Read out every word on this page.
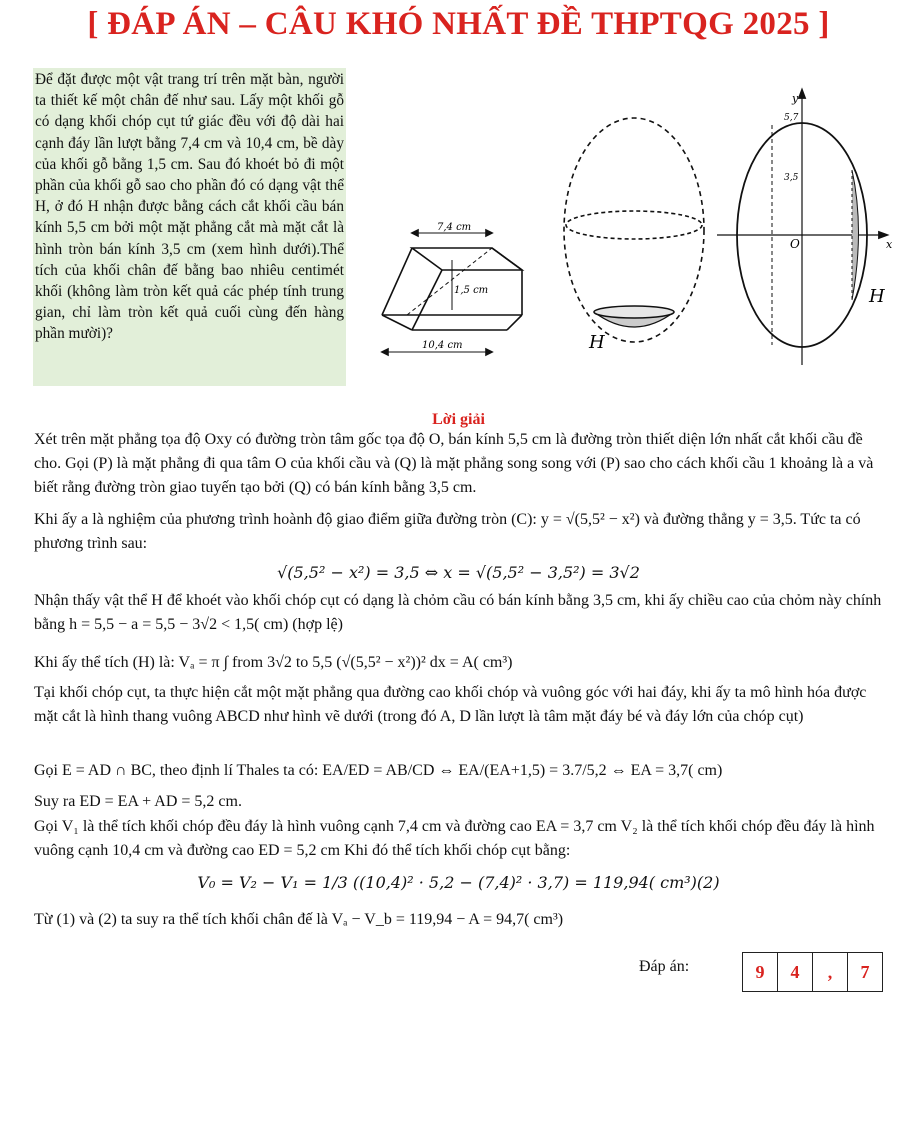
[ ĐÁP ÁN – CÂU KHÓ NHẤT ĐỀ THPTQG 2025 ]
Để đặt được một vật trang trí trên mặt bàn, người ta thiết kế một chân đế như sau. Lấy một khối gỗ có dạng khối chóp cụt tứ giác đều với độ dài hai cạnh đáy lần lượt bằng 7,4 cm và 10,4 cm, bề dày của khối gỗ bằng 1,5 cm. Sau đó khoét bỏ đi một phần của khối gỗ sao cho phần đó có dạng vật thể H, ở đó H nhận được bằng cách cắt khối cầu bán kính 5,5 cm bởi một mặt phẳng cắt mà mặt cắt là hình tròn bán kính 3,5 cm (xem hình dưới).Thể tích của khối chân đế bằng bao nhiêu centimét khối (không làm tròn kết quả các phép tính trung gian, chỉ làm tròn kết quả cuối cùng đến hàng phần mười)?
7,4 cm
10,4 cm
1,5 cm
H
y
x
5,7
3,5
O
H
Lời giải
Xét trên mặt phẳng tọa độ Oxy có đường tròn tâm gốc tọa độ O, bán kính 5,5 cm là đường tròn thiết diện lớn nhất cắt khối cầu đề cho. Gọi (P) là mặt phẳng đi qua tâm O của khối cầu và (Q) là mặt phẳng song song với (P) sao cho cách khối cầu 1 khoảng là a và biết rằng đường tròn giao tuyến tạo bởi (Q) có bán kính bằng 3,5 cm.
Khi ấy a là nghiệm của phương trình hoành độ giao điểm giữa đường tròn (C): y = √(5,5² − x²) và đường thẳng y = 3,5. Tức ta có phương trình sau:
√(5,5² − x²) = 3,5 ⇔ x = √(5,5² − 3,5²) = 3√2
Nhận thấy vật thể H để khoét vào khối chóp cụt có dạng là chỏm cầu có bán kính bằng 3,5 cm, khi ấy chiều cao của chỏm này chính bằng h = 5,5 − a = 5,5 − 3√2 < 1,5( cm) (hợp lệ)
Khi ấy thể tích (H) là: Vₐ = π ∫ from 3√2 to 5,5 (√(5,5² − x²))² dx = A( cm³)
Tại khối chóp cụt, ta thực hiện cắt một mặt phẳng qua đường cao khối chóp và vuông góc với hai đáy, khi ấy ta mô hình hóa được mặt cắt là hình thang vuông ABCD như hình vẽ dưới (trong đó A, D lần lượt là tâm mặt đáy bé và đáy lớn của chóp cụt)
Gọi E = AD ∩ BC, theo định lí Thales ta có: EA/ED = AB/CD ⇔ EA/(EA+1,5) = 3.7/5,2 ⇔ EA = 3,7( cm)
Suy ra ED = EA + AD = 5,2 cm.
Gọi V₁ là thể tích khối chóp đều đáy là hình vuông cạnh 7,4 cm và đường cao EA = 3,7 cm V₂ là thể tích khối chóp đều đáy là hình vuông cạnh 10,4 cm và đường cao ED = 5,2 cm Khi đó thể tích khối chóp cụt bằng:
V₀ = V₂ − V₁ = 1/3 ((10,4)² · 5,2 − (7,4)² · 3,7) = 119,94( cm³)(2)
Từ (1) và (2) ta suy ra thể tích khối chân đế là Vₐ − V_b = 119,94 − A = 94,7( cm³)
Đáp án:	9	4	,	7
